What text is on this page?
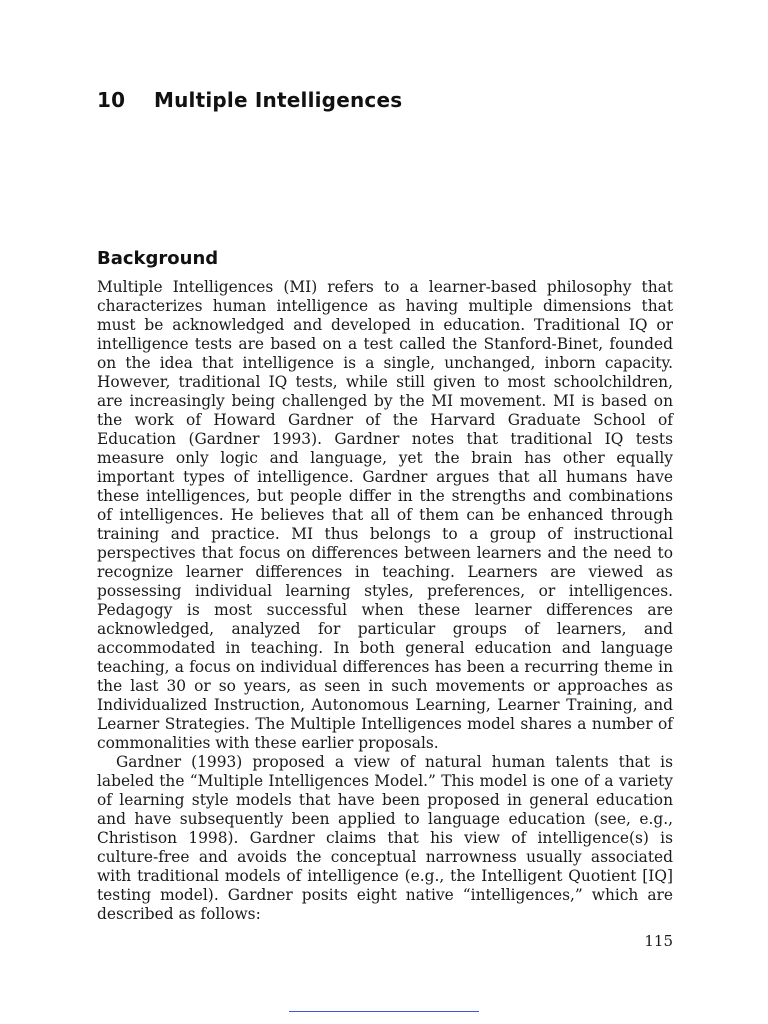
10 Multiple Intelligences
Background

Multiple Intelligences (MI) refers to a learner-based philosophy that characterizes human intelligence as having multiple dimensions that must be acknowledged and developed in education. Traditional IQ or intelligence tests are based on a test called the Stanford-Binet, founded on the idea that intelligence is a single, unchanged, inborn capacity. However, traditional IQ tests, while still given to most schoolchildren, are increasingly being challenged by the MI movement. MI is based on the work of Howard Gardner of the Harvard Graduate School of Education (Gardner 1993). Gardner notes that traditional IQ tests measure only logic and language, yet the brain has other equally important types of intelligence. Gardner argues that all humans have these intelligences, but people differ in the strengths and combinations of intelligences. He believes that all of them can be enhanced through training and practice. MI thus belongs to a group of instructional perspectives that focus on differences between learners and the need to recognize learner differences in teaching. Learners are viewed as possessing individual learning styles, preferences, or intelligences. Pedagogy is most successful when these learner differences are acknowledged, analyzed for particular groups of learners, and accommodated in teaching. In both general education and language teaching, a focus on individual differences has been a recurring theme in the last 30 or so years, as seen in such movements or approaches as Individualized Instruction, Autonomous Learning, Learner Training, and Learner Strategies. The Multiple Intelligences model shares a number of commonalities with these earlier proposals.

Gardner (1993) proposed a view of natural human talents that is labeled the “Multiple Intelligences Model.” This model is one of a variety of learning style models that have been proposed in general education and have subsequently been applied to language education (see, e.g., Christison 1998). Gardner claims that his view of intelligence(s) is culture-free and avoids the conceptual narrowness usually associated with traditional models of intelligence (e.g., the Intelligent Quotient [IQ] testing model). Gardner posits eight native “intelligences,” which are described as follows:

115
